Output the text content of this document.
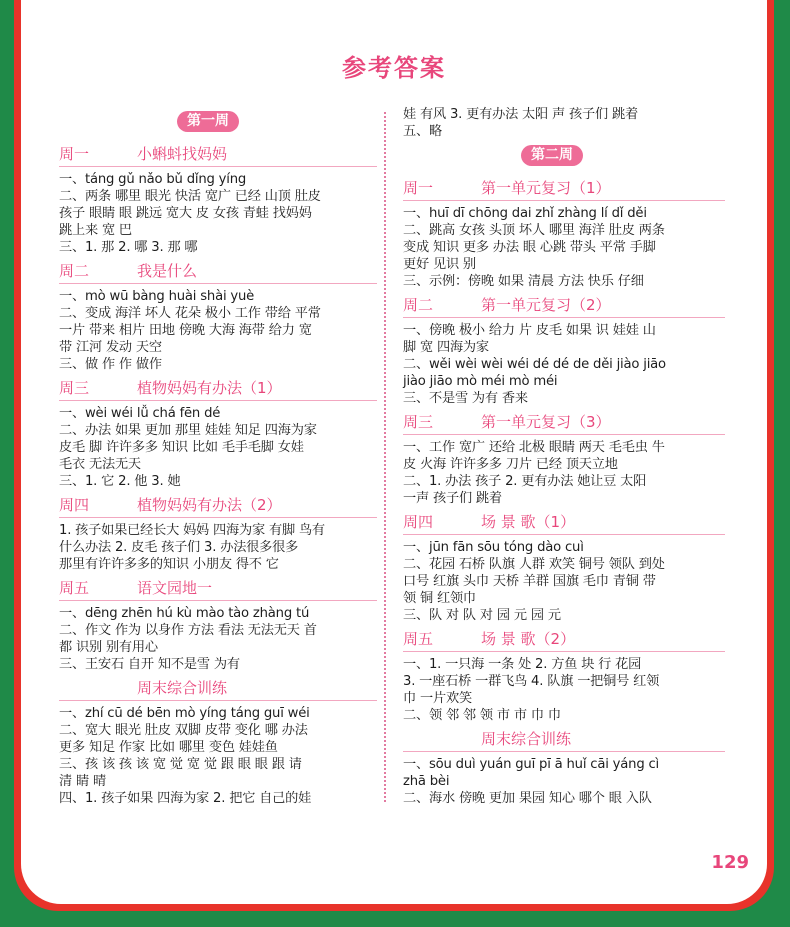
参考答案
第一周
周一	小蝌蚪找妈妈
一、táng gǔ nǎo bǔ dǐng yíng
二、两条 哪里 眼光 快活 宽广 已经 山顶 肚皮
孩子 眼睛 眼 跳远 宽大 皮 女孩 青蛙 找妈妈
跳上来 宽 巴
三、1. 那 2. 哪 3. 那 哪
周二	我是什么
一、mò wū bàng huài shài yuè
二、变成 海洋 坏人 花朵 极小 工作 带给 平常
一片 带来 相片 田地 傍晚 大海 海带 给力 宽
带 江河 发动 天空
三、做 作 作 做作
周三	植物妈妈有办法（1）
一、wèi wéi lǚ chá fēn dé
二、办法 如果 更加 那里 娃娃 知足 四海为家
皮毛 脚 许许多多 知识 比如 毛手毛脚 女娃
毛衣 无法无天
三、1. 它 2. 他 3. 她
周四	植物妈妈有办法（2）
1. 孩子如果已经长大 妈妈 四海为家 有脚 鸟有
什么办法 2. 皮毛 孩子们 3. 办法很多很多
那里有许许多多的知识 小朋友 得不 它
周五	语文园地一
一、dēng zhēn hú kù mào tào zhàng tú
二、作文 作为 以身作 方法 看法 无法无天 首
都 识别 别有用心
三、王安石 自开 知不是雪 为有
周末综合训练
一、zhí cū dé bēn mò yíng táng guī wéi
二、宽大 眼光 肚皮 双脚 皮带 变化 哪 办法
更多 知足 作家 比如 哪里 变色 娃娃鱼
三、孩 该 孩 该 宽 觉 宽 觉 跟 眼 眼 跟 请
清 睛 晴
四、1. 孩子如果 四海为家 2. 把它 自己的娃
娃 有风 3. 更有办法 太阳 声 孩子们 跳着
五、略
第二周
周一	第一单元复习（1）
一、huī dī chōng dai zhǐ zhàng lí dǐ děi
二、跳高 女孩 头顶 坏人 哪里 海洋 肚皮 两条
变成 知识 更多 办法 眼 心跳 带头 平常 手脚
更好 见识 别
三、示例：傍晚 如果 清晨 方法 快乐 仔细
周二	第一单元复习（2）
一、傍晚 极小 给力 片 皮毛 如果 识 娃娃 山
脚 宽 四海为家
二、wěi wèi wèi wéi dé dé de děi jiào jiāo
jiào jiāo mò méi mò méi
三、不是雪 为有 香来
周三	第一单元复习（3）
一、工作 宽广 还给 北极 眼睛 两天 毛毛虫 牛
皮 火海 许许多多 刀片 已经 顶天立地
二、1. 办法 孩子 2. 更有办法 她让豆 太阳
一声 孩子们 跳着
周四	场 景 歌（1）
一、jūn fān sōu tóng dào cuì
二、花园 石桥 队旗 人群 欢笑 铜号 领队 到处
口号 红旗 头巾 天桥 羊群 国旗 毛巾 青铜 带
领 铜 红领巾
三、队 对 队 对 园 元 园 元
周五	场 景 歌（2）
一、1. 一只海 一条 处 2. 方鱼 块 行 花园
3. 一座石桥 一群飞鸟 4. 队旗 一把铜号 红领
巾 一片欢笑
二、领 邻 邻 领 市 市 巾 巾
周末综合训练
一、sōu duì yuán guī pī ā huǐ cāi yáng cì
zhā bèi
二、海水 傍晚 更加 果园 知心 哪个 眼 入队
129
